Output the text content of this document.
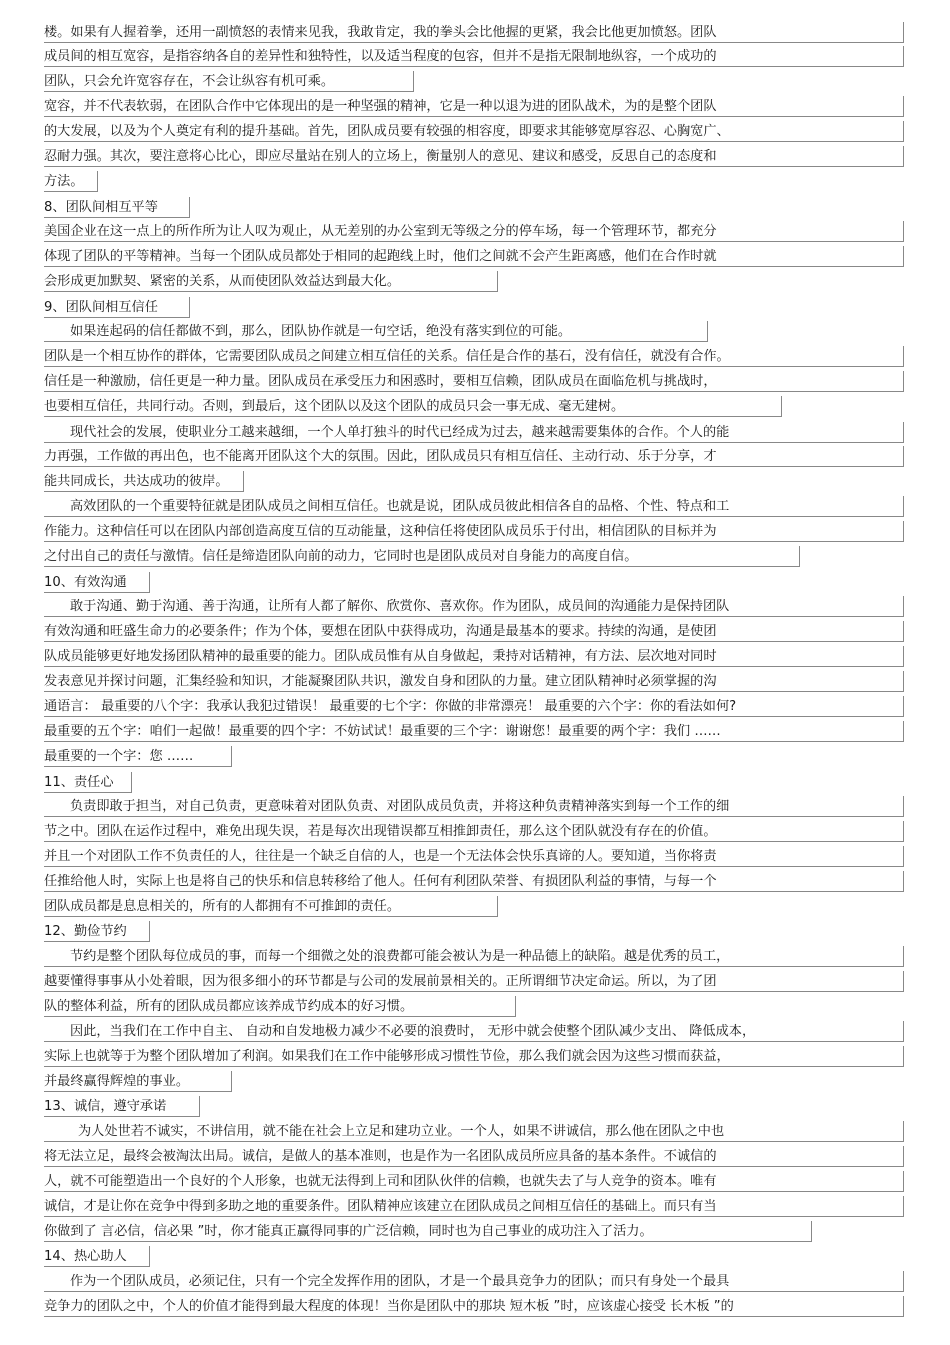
楼。如果有人握着拳，还用一副愤怒的表情来见我，我敢肯定，我的拳头会比他握的更紧，我会比他更加愤怒。团队
成员间的相互宽容，是指容纳各自的差异性和独特性，以及适当程度的包容，但并不是指无限制地纵容，一个成功的
团队，只会允许宽容存在，不会让纵容有机可乘。
宽容，并不代表软弱，在团队合作中它体现出的是一种坚强的精神，它是一种以退为进的团队战术，为的是整个团队
的大发展，以及为个人奠定有利的提升基础。首先，团队成员要有较强的相容度，即要求其能够宽厚容忍、心胸宽广、
忍耐力强。其次，要注意将心比心，即应尽量站在别人的立场上，衡量别人的意见、建议和感受，反思自己的态度和
方法。
8、团队间相互平等
美国企业在这一点上的所作所为让人叹为观止，从无差别的办公室到无等级之分的停车场，每一个管理环节，都充分
体现了团队的平等精神。当每一个团队成员都处于相同的起跑线上时，他们之间就不会产生距离感，他们在合作时就
会形成更加默契、紧密的关系，从而使团队效益达到最大化。
9、团队间相互信任
如果连起码的信任都做不到，那么，团队协作就是一句空话，绝没有落实到位的可能。
团队是一个相互协作的群体，它需要团队成员之间建立相互信任的关系。信任是合作的基石，没有信任，就没有合作。
信任是一种激励，信任更是一种力量。团队成员在承受压力和困惑时，要相互信赖，团队成员在面临危机与挑战时，
也要相互信任，共同行动。否则，到最后，这个团队以及这个团队的成员只会一事无成、毫无建树。
现代社会的发展，使职业分工越来越细，一个人单打独斗的时代已经成为过去，越来越需要集体的合作。个人的能
力再强，工作做的再出色，也不能离开团队这个大的氛围。因此，团队成员只有相互信任、主动行动、乐于分享，才
能共同成长，共达成功的彼岸。
高效团队的一个重要特征就是团队成员之间相互信任。也就是说，团队成员彼此相信各自的品格、个性、特点和工
作能力。这种信任可以在团队内部创造高度互信的互动能量，这种信任将使团队成员乐于付出，相信团队的目标并为
之付出自己的责任与激情。信任是缔造团队向前的动力，它同时也是团队成员对自身能力的高度自信。
10、有效沟通
敢于沟通、勤于沟通、善于沟通，让所有人都了解你、欣赏你、喜欢你。作为团队，成员间的沟通能力是保持团队
有效沟通和旺盛生命力的必要条件；作为个体，要想在团队中获得成功，沟通是最基本的要求。持续的沟通，是使团
队成员能够更好地发扬团队精神的最重要的能力。团队成员惟有从自身做起，秉持对话精神，有方法、层次地对同时
发表意见并探讨问题，汇集经验和知识，才能凝聚团队共识，激发自身和团队的力量。建立团队精神时必须掌握的沟
通语言： 最重要的八个字：我承认我犯过错误！ 最重要的七个字：你做的非常漂亮！ 最重要的六个字：你的看法如何?
最重要的五个字：咱们一起做！最重要的四个字：不妨试试！最重要的三个字：谢谢您！最重要的两个字：我们 ……
最重要的一个字：您 ……
11、责任心
负责即敢于担当，对自己负责，更意味着对团队负责、对团队成员负责，并将这种负责精神落实到每一个工作的细
节之中。团队在运作过程中，难免出现失误，若是每次出现错误都互相推卸责任，那么这个团队就没有存在的价值。
并且一个对团队工作不负责任的人，往往是一个缺乏自信的人，也是一个无法体会快乐真谛的人。要知道，当你将责
任推给他人时，实际上也是将自己的快乐和信息转移给了他人。任何有利团队荣誉、有损团队利益的事情，与每一个
团队成员都是息息相关的，所有的人都拥有不可推卸的责任。
12、勤俭节约
节约是整个团队每位成员的事，而每一个细微之处的浪费都可能会被认为是一种品德上的缺陷。越是优秀的员工，
越要懂得事事从小处着眼，因为很多细小的环节都是与公司的发展前景相关的。正所谓细节决定命运。所以，为了团
队的整体利益，所有的团队成员都应该养成节约成本的好习惯。
因此，当我们在工作中自主、 自动和自发地极力减少不必要的浪费时， 无形中就会使整个团队减少支出、 降低成本，
实际上也就等于为整个团队增加了利润。如果我们在工作中能够形成习惯性节俭，那么我们就会因为这些习惯而获益，
并最终赢得辉煌的事业。
13、诚信，遵守承诺
为人处世若不诚实，不讲信用，就不能在社会上立足和建功立业。一个人，如果不讲诚信，那么他在团队之中也
将无法立足，最终会被淘汰出局。诚信，是做人的基本准则，也是作为一名团队成员所应具备的基本条件。不诚信的
人，就不可能塑造出一个良好的个人形象，也就无法得到上司和团队伙伴的信赖，也就失去了与人竞争的资本。唯有
诚信，才是让你在竞争中得到多助之地的重要条件。团队精神应该建立在团队成员之间相互信任的基础上。而只有当
你做到了 言必信，信必果 ”时，你才能真正赢得同事的广泛信赖，同时也为自己事业的成功注入了活力。
14、热心助人
作为一个团队成员，必须记住，只有一个完全发挥作用的团队，才是一个最具竞争力的团队；而只有身处一个最具
竞争力的团队之中，个人的价值才能得到最大程度的体现！当你是团队中的那块 短木板 ”时，应该虚心接受 长木板 ”的
